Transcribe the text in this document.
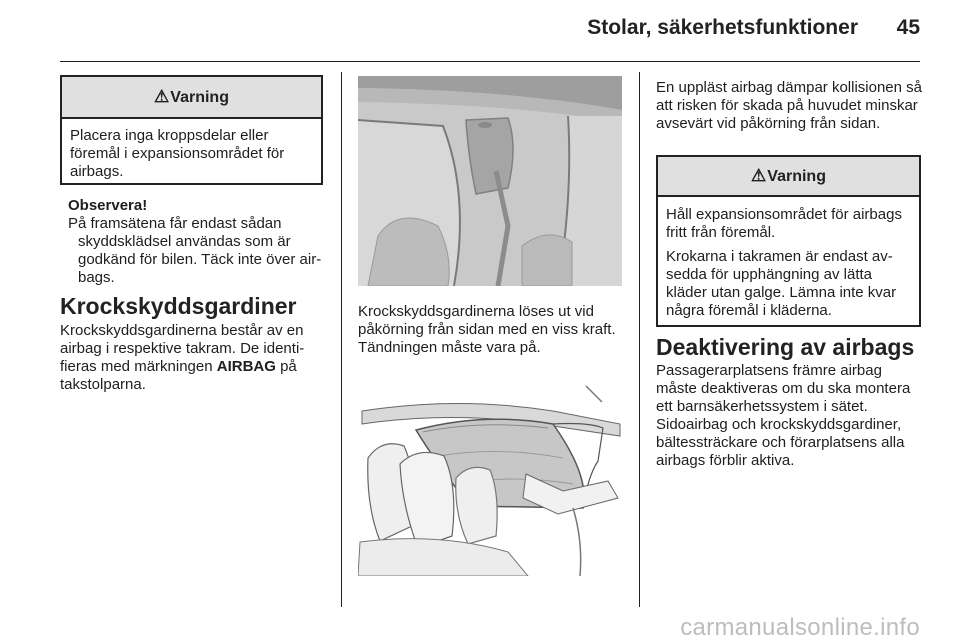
Stolar, säkerhetsfunktioner 45
⚠Varning

Placera inga kroppsdelar eller föremål i expansionsområdet för airbags.

Observera!

På framsätena får endast sådan skyddsklädsel användas som är godkänd för bilen. Täck inte över airbags.

Krockskyddsgardiner

Krockskyddsgardinerna består av en airbag i respektive takram. De identifieras med märkningen AIRBAG på takstolparna.

Krockskyddsgardinerna löses ut vid påkörning från sidan med en viss kraft. Tändningen måste vara på.

En uppläst airbag dämpar kollisionen så att risken för skada på huvudet minskar avsevärt vid påkörning från sidan.

⚠Varning

Håll expansionsområdet för airbags fritt från föremål.

Krokarna i takramen är endast avsedda för upphängning av lätta kläder utan galge. Lämna inte kvar några föremål i kläderna.

Deaktivering av airbags

Passagerarplatsens främre airbag måste deaktiveras om du ska montera ett barnsäkerhetssystem i sätet. Sidoairbag och krockskyddsgardiner, bältessträckare och förarplatsens alla airbags förblir aktiva.

carmanualsonline.info
